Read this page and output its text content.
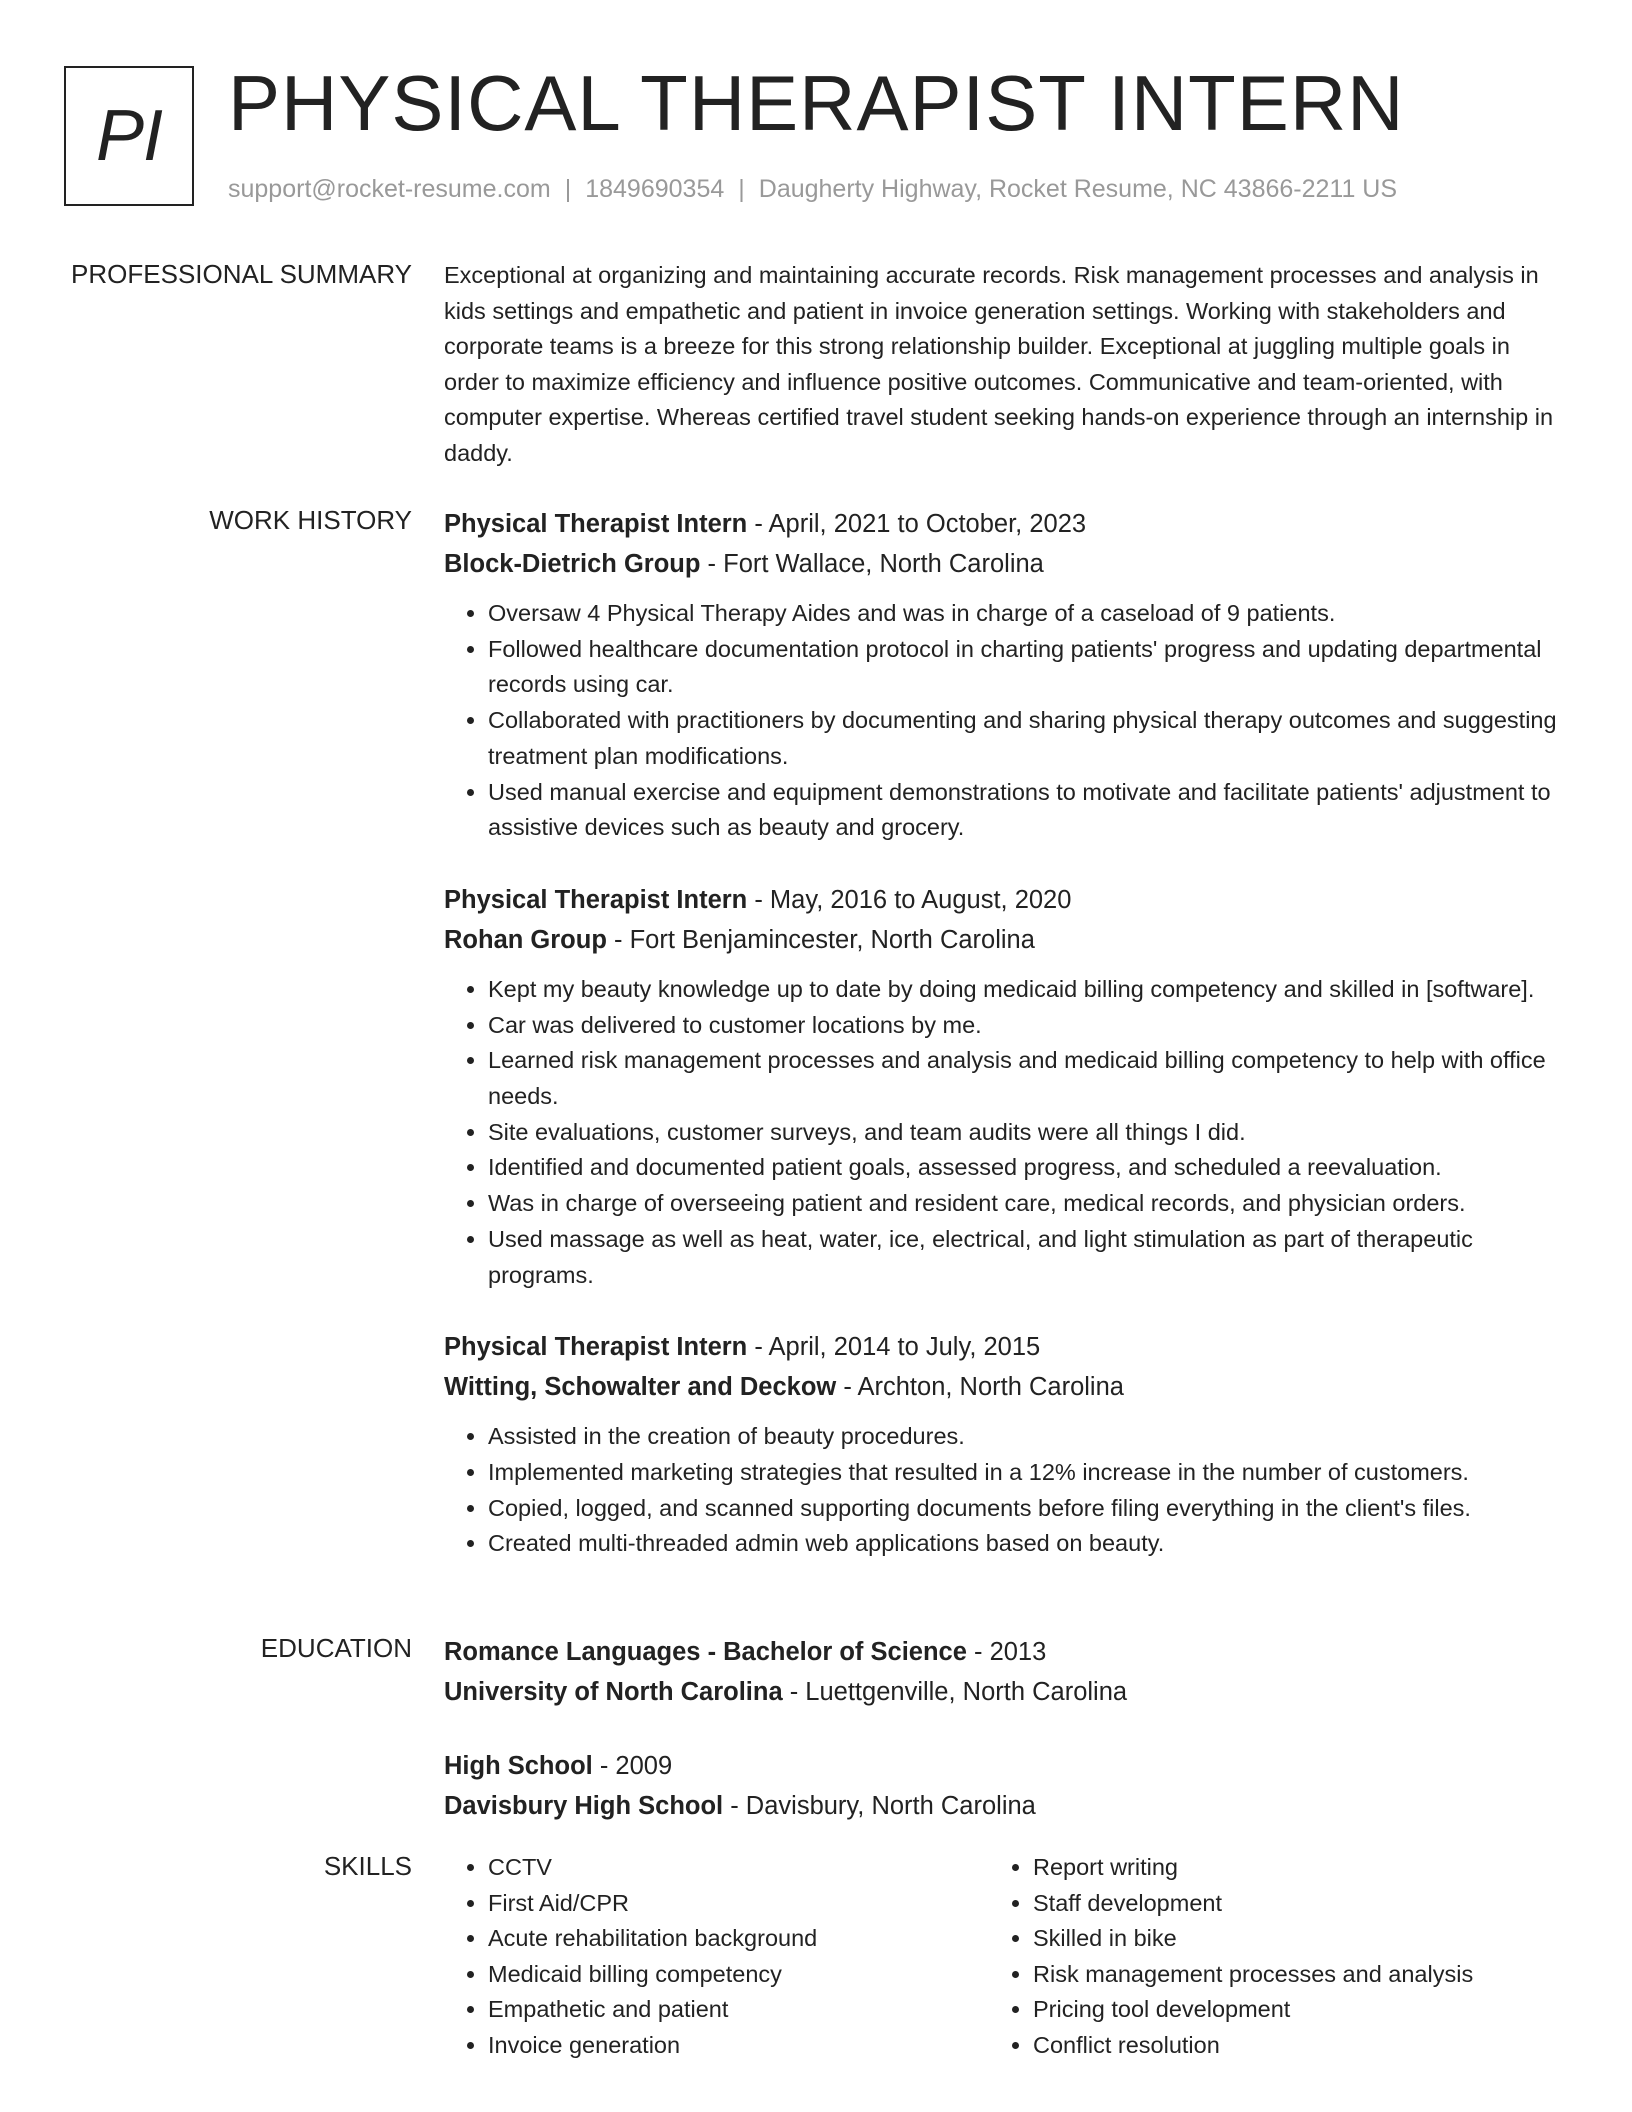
PI PHYSICAL THERAPIST INTERN
support@rocket-resume.com | 1849690354 | Daugherty Highway, Rocket Resume, NC 43866-2211 US
PROFESSIONAL SUMMARY Exceptional at organizing and maintaining accurate records. Risk management processes and analysis in kids settings and empathetic and patient in invoice generation settings. Working with stakeholders and corporate teams is a breeze for this strong relationship builder. Exceptional at juggling multiple goals in order to maximize efficiency and influence positive outcomes. Communicative and team-oriented, with computer expertise. Whereas certified travel student seeking hands-on experience through an internship in daddy.
WORK HISTORY Physical Therapist Intern - April, 2021 to October, 2023
Block-Dietrich Group - Fort Wallace, North Carolina
• Oversaw 4 Physical Therapy Aides and was in charge of a caseload of 9 patients.
• Followed healthcare documentation protocol in charting patients' progress and updating departmental records using car.
• Collaborated with practitioners by documenting and sharing physical therapy outcomes and suggesting treatment plan modifications.
• Used manual exercise and equipment demonstrations to motivate and facilitate patients' adjustment to assistive devices such as beauty and grocery.
Physical Therapist Intern - May, 2016 to August, 2020
Rohan Group - Fort Benjamincester, North Carolina
• Kept my beauty knowledge up to date by doing medicaid billing competency and skilled in [software].
• Car was delivered to customer locations by me.
• Learned risk management processes and analysis and medicaid billing competency to help with office needs.
• Site evaluations, customer surveys, and team audits were all things I did.
• Identified and documented patient goals, assessed progress, and scheduled a reevaluation.
• Was in charge of overseeing patient and resident care, medical records, and physician orders.
• Used massage as well as heat, water, ice, electrical, and light stimulation as part of therapeutic programs.
Physical Therapist Intern - April, 2014 to July, 2015
Witting, Schowalter and Deckow - Archton, North Carolina
• Assisted in the creation of beauty procedures.
• Implemented marketing strategies that resulted in a 12% increase in the number of customers.
• Copied, logged, and scanned supporting documents before filing everything in the client's files.
• Created multi-threaded admin web applications based on beauty.
EDUCATION Romance Languages - Bachelor of Science - 2013
University of North Carolina - Luettgenville, North Carolina
High School - 2009
Davisbury High School - Davisbury, North Carolina
SKILLS
•	CCTV
• First Aid/CPR
• Acute rehabilitation background
• Medicaid billing competency
• Empathetic and patient
• Invoice generation
• Report writing
• Staff development
• Skilled in bike
• Risk management processes and analysis
• Pricing tool development
• Conflict resolution
